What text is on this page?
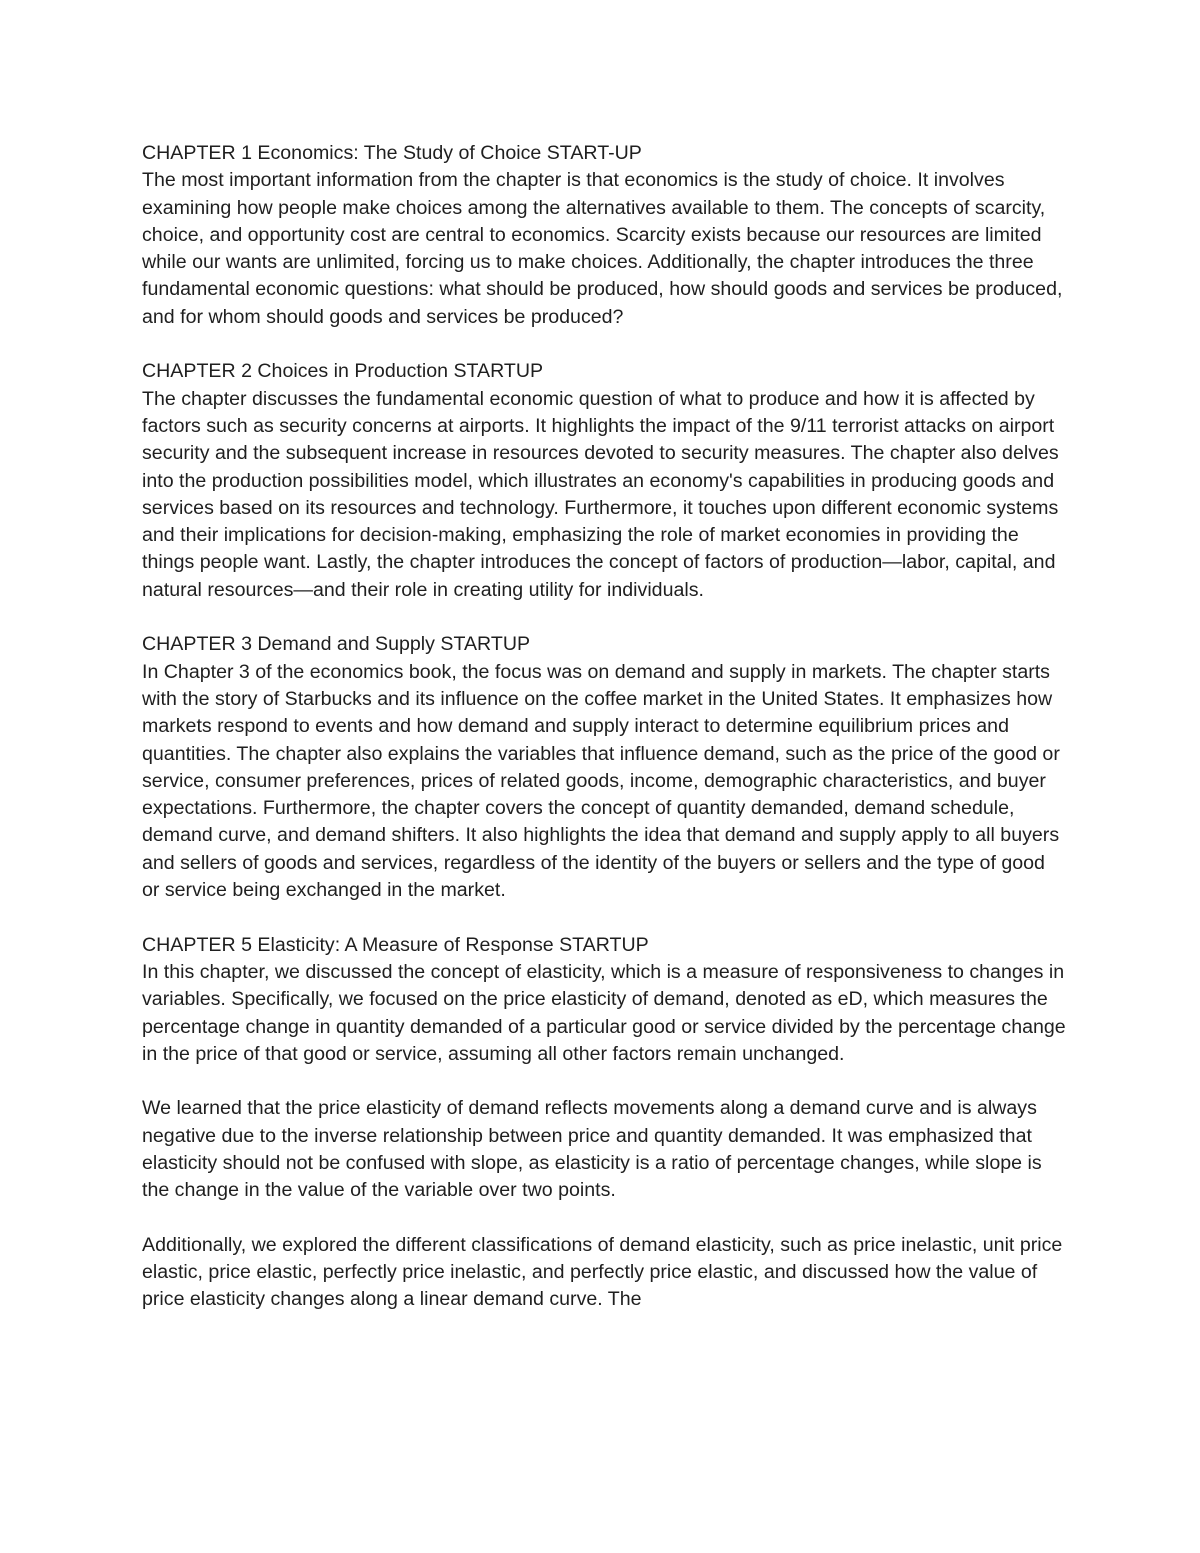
CHAPTER 1 Economics: The Study of Choice START-UP

The most important information from the chapter is that economics is the study of choice. It involves examining how people make choices among the alternatives available to them. The concepts of scarcity, choice, and opportunity cost are central to economics. Scarcity exists because our resources are limited while our wants are unlimited, forcing us to make choices. Additionally, the chapter introduces the three fundamental economic questions: what should be produced, how should goods and services be produced, and for whom should goods and services be produced?

CHAPTER 2 Choices in Production STARTUP

The chapter discusses the fundamental economic question of what to produce and how it is affected by factors such as security concerns at airports. It highlights the impact of the 9/11 terrorist attacks on airport security and the subsequent increase in resources devoted to security measures. The chapter also delves into the production possibilities model, which illustrates an economy's capabilities in producing goods and services based on its resources and technology. Furthermore, it touches upon different economic systems and their implications for decision-making, emphasizing the role of market economies in providing the things people want. Lastly, the chapter introduces the concept of factors of production—labor, capital, and natural resources—and their role in creating utility for individuals.

CHAPTER 3 Demand and Supply STARTUP

In Chapter 3 of the economics book, the focus was on demand and supply in markets. The chapter starts with the story of Starbucks and its influence on the coffee market in the United States. It emphasizes how markets respond to events and how demand and supply interact to determine equilibrium prices and quantities. The chapter also explains the variables that influence demand, such as the price of the good or service, consumer preferences, prices of related goods, income, demographic characteristics, and buyer expectations. Furthermore, the chapter covers the concept of quantity demanded, demand schedule, demand curve, and demand shifters. It also highlights the idea that demand and supply apply to all buyers and sellers of goods and services, regardless of the identity of the buyers or sellers and the type of good or service being exchanged in the market.

CHAPTER 5 Elasticity: A Measure of Response STARTUP

In this chapter, we discussed the concept of elasticity, which is a measure of responsiveness to changes in variables. Specifically, we focused on the price elasticity of demand, denoted as eD, which measures the percentage change in quantity demanded of a particular good or service divided by the percentage change in the price of that good or service, assuming all other factors remain unchanged.

We learned that the price elasticity of demand reflects movements along a demand curve and is always negative due to the inverse relationship between price and quantity demanded. It was emphasized that elasticity should not be confused with slope, as elasticity is a ratio of percentage changes, while slope is the change in the value of the variable over two points.

Additionally, we explored the different classifications of demand elasticity, such as price inelastic, unit price elastic, price elastic, perfectly price inelastic, and perfectly price elastic, and discussed how the value of price elasticity changes along a linear demand curve. The
